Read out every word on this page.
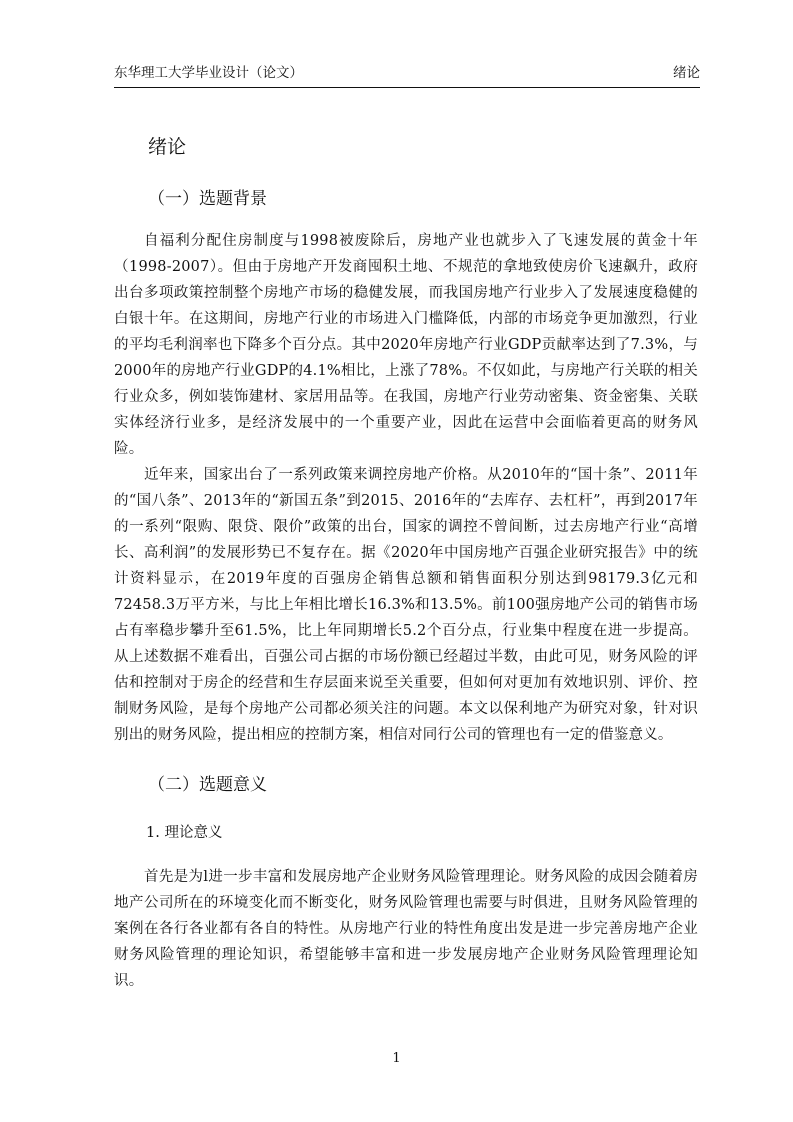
东华理工大学毕业设计（论文）	绪论
绪论
（一）选题背景

自福利分配住房制度与1998被废除后，房地产业也就步入了飞速发展的黄金十年（1998-2007）。但由于房地产开发商囤积土地、不规范的拿地致使房价飞速飙升，政府出台多项政策控制整个房地产市场的稳健发展，而我国房地产行业步入了发展速度稳健的白银十年。在这期间，房地产行业的市场进入门槛降低，内部的市场竞争更加激烈，行业的平均毛利润率也下降多个百分点。其中2020年房地产行业GDP贡献率达到了7.3%，与2000年的房地产行业GDP的4.1%相比，上涨了78%。不仅如此，与房地产行关联的相关行业众多，例如装饰建材、家居用品等。在我国，房地产行业劳动密集、资金密集、关联实体经济行业多，是经济发展中的一个重要产业，因此在运营中会面临着更高的财务风险。

近年来，国家出台了一系列政策来调控房地产价格。从2010年的“国十条”、2011年的“国八条”、2013年的“新国五条”到2015、2016年的“去库存、去杠杆”，再到2017年的一系列“限购、限贷、限价”政策的出台，国家的调控不曾间断，过去房地产行业“高增长、高利润”的发展形势已不复存在。据《2020年中国房地产百强企业研究报告》中的统计资料显示，在2019年度的百强房企销售总额和销售面积分别达到98179.3亿元和72458.3万平方米，与比上年相比增长16.3%和13.5%。前100强房地产公司的销售市场占有率稳步攀升至61.5%，比上年同期增长5.2个百分点，行业集中程度在进一步提高。从上述数据不难看出，百强公司占据的市场份额已经超过半数，由此可见，财务风险的评估和控制对于房企的经营和生存层面来说至关重要，但如何对更加有效地识别、评价、控制财务风险，是每个房地产公司都必须关注的问题。本文以保利地产为研究对象，针对识别出的财务风险，提出相应的控制方案，相信对同行公司的管理也有一定的借鉴意义。

（二）选题意义
1. 理论意义

首先是为l进一步丰富和发展房地产企业财务风险管理理论。财务风险的成因会随着房地产公司所在的环境变化而不断变化，财务风险管理也需要与时俱进，且财务风险管理的案例在各行各业都有各自的特性。从房地产行业的特性角度出发是进一步完善房地产企业财务风险管理的理论知识，希望能够丰富和进一步发展房地产企业财务风险管理理论知识。

1
